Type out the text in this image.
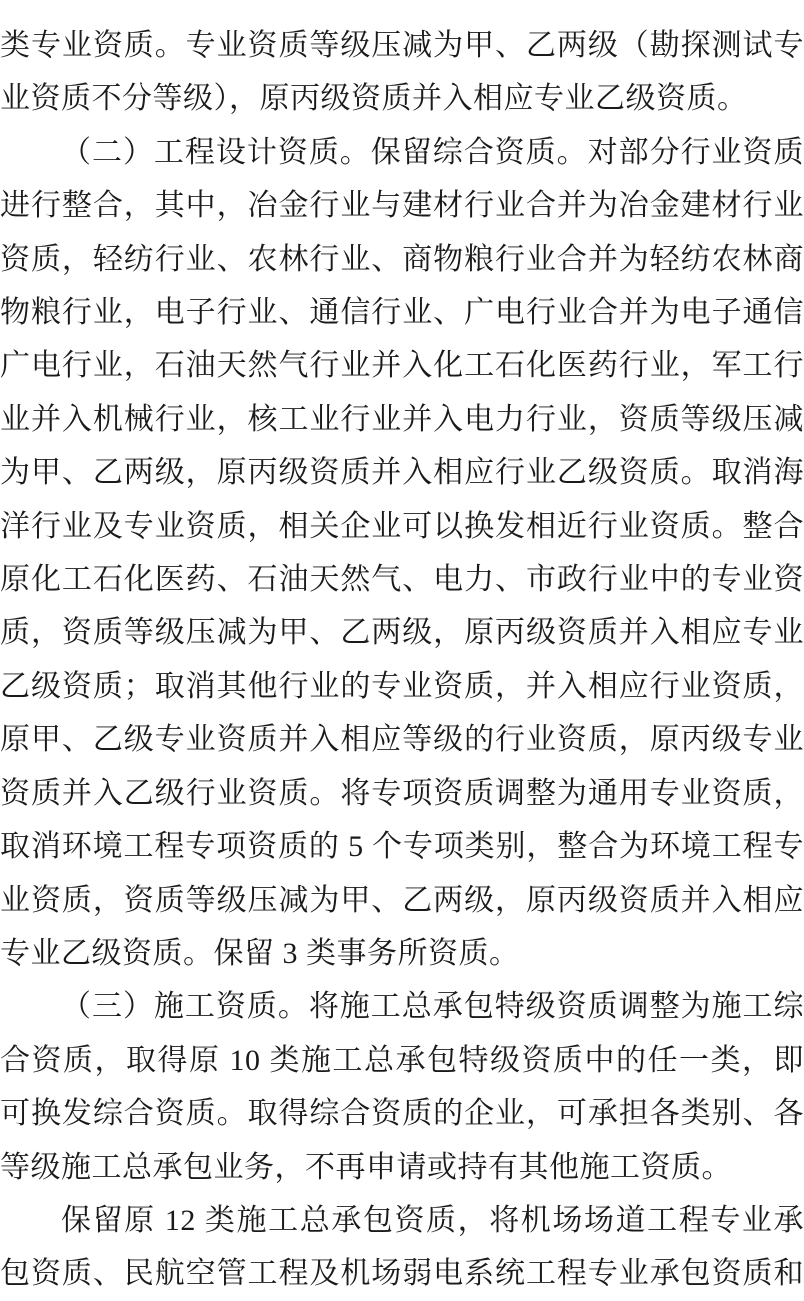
类专业资质。专业资质等级压减为甲、乙两级（勘探测试专业资质不分等级），原丙级资质并入相应专业乙级资质。

（二）工程设计资质。保留综合资质。对部分行业资质进行整合，其中，冶金行业与建材行业合并为冶金建材行业资质，轻纺行业、农林行业、商物粮行业合并为轻纺农林商物粮行业，电子行业、通信行业、广电行业合并为电子通信广电行业，石油天然气行业并入化工石化医药行业，军工行业并入机械行业，核工业行业并入电力行业，资质等级压减为甲、乙两级，原丙级资质并入相应行业乙级资质。取消海洋行业及专业资质，相关企业可以换发相近行业资质。整合原化工石化医药、石油天然气、电力、市政行业中的专业资质，资质等级压减为甲、乙两级，原丙级资质并入相应专业乙级资质；取消其他行业的专业资质，并入相应行业资质，原甲、乙级专业资质并入相应等级的行业资质，原丙级专业资质并入乙级行业资质。将专项资质调整为通用专业资质，取消环境工程专项资质的 5 个专项类别，整合为环境工程专业资质，资质等级压减为甲、乙两级，原丙级资质并入相应专业乙级资质。保留 3 类事务所资质。

（三）施工资质。将施工总承包特级资质调整为施工综合资质，取得原 10 类施工总承包特级资质中的任一类，即可换发综合资质。取得综合资质的企业，可承担各类别、各等级施工总承包业务，不再申请或持有其他施工资质。

保留原 12 类施工总承包资质，将机场场道工程专业承包资质、民航空管工程及机场弱电系统工程专业承包资质和
